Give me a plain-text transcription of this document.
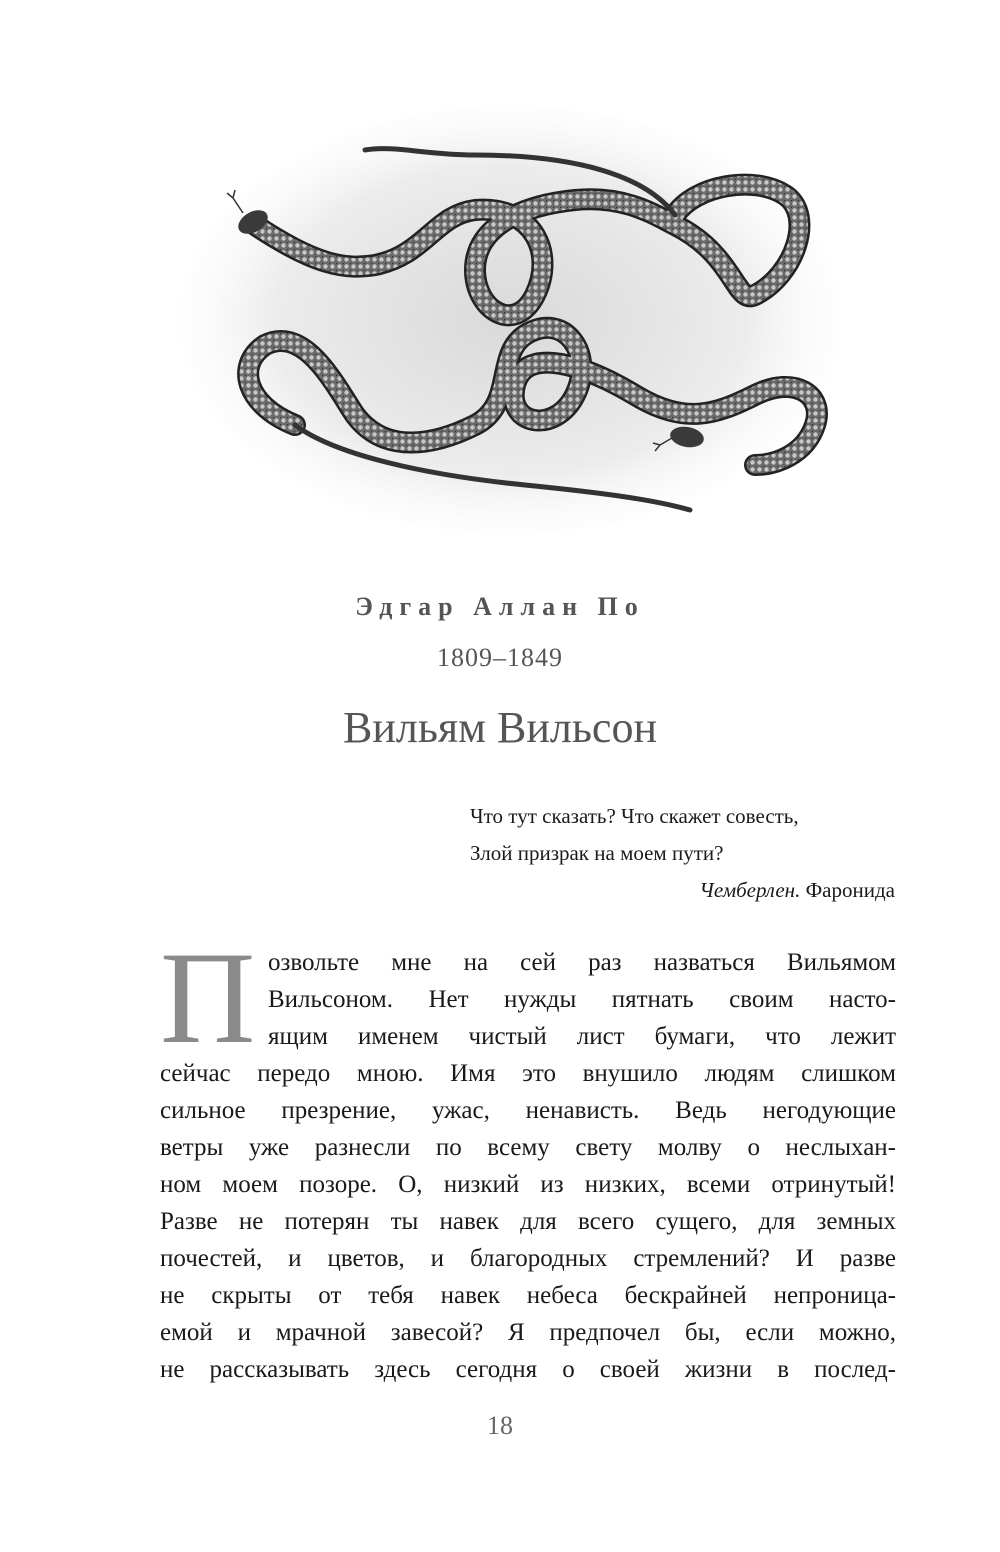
Эдгар Аллан По
1809–1849
Вильям Вильсон
Что тут сказать? Что скажет совесть,
Злой призрак на моем пути?
Чемберлен. Фаронида
П озвольте мне на сей раз назваться Вильямом
Вильсоном. Нет нужды пятнать своим насто-
ящим именем чистый лист бумаги, что лежит
сейчас передо мною. Имя это внушило людям слишком
сильное презрение, ужас, ненависть. Ведь негодующие
ветры уже разнесли по всему свету молву о неслыхан-
ном моем позоре. О, низкий из низких, всеми отринутый!
Разве не потерян ты навек для всего сущего, для земных
почестей, и цветов, и благородных стремлений? И разве
не скрыты от тебя навек небеса бескрайней непроница-
емой и мрачной завесой? Я предпочел бы, если можно,
не рассказывать здесь сегодня о своей жизни в послед-
18
